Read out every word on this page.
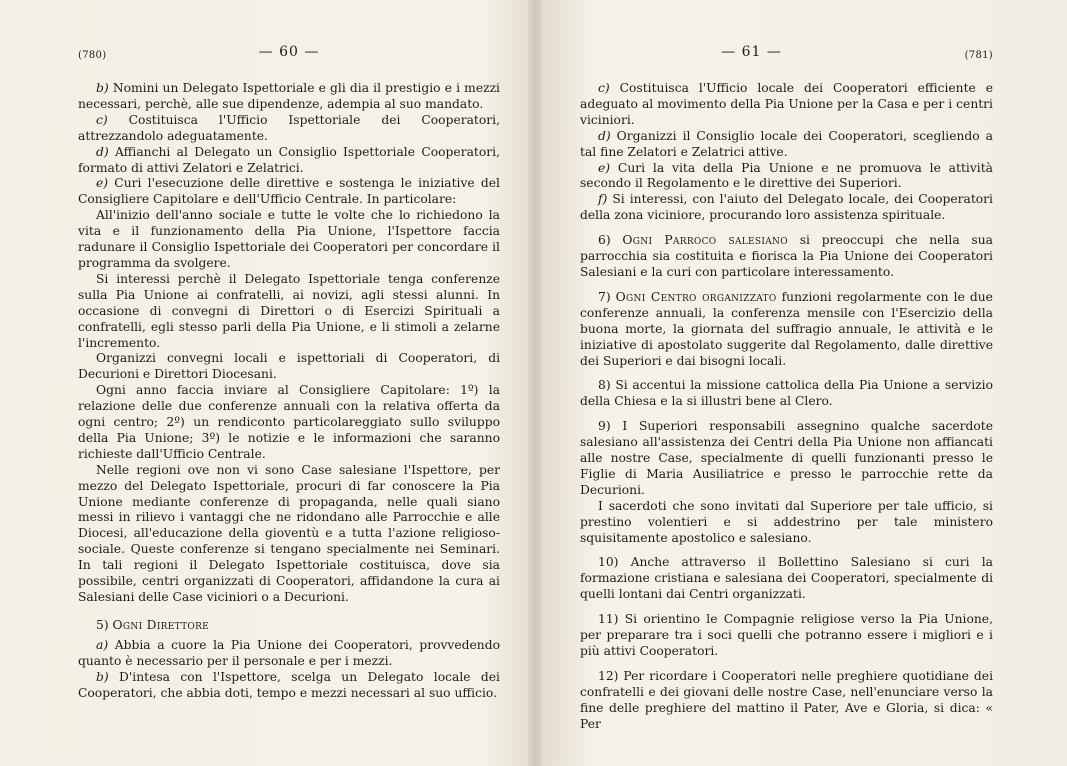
(780)	— 60 —

b) Nomini un Delegato Ispettoriale e gli dia il prestigio e i mezzi necessari, perchè, alle sue dipendenze, adempia al suo mandato.

c) Costituisca l'Ufficio Ispettoriale dei Cooperatori, attrezzandolo adeguatamente.

d) Affianchi al Delegato un Consiglio Ispettoriale Cooperatori, formato di attivi Zelatori e Zelatrici.

e) Curi l'esecuzione delle direttive e sostenga le iniziative del Consigliere Capitolare e dell'Ufficio Centrale. In particolare:

All'inizio dell'anno sociale e tutte le volte che lo richiedono la vita e il funzionamento della Pia Unione, l'Ispettore faccia radunare il Consiglio Ispettoriale dei Cooperatori per concordare il programma da svolgere.

Si interessi perchè il Delegato Ispettoriale tenga conferenze sulla Pia Unione ai confratelli, ai novizi, agli stessi alunni. In occasione di convegni di Direttori o di Esercizi Spirituali a confratelli, egli stesso parli della Pia Unione, e li stimoli a zelarne l'incremento.

Organizzi convegni locali e ispettoriali di Cooperatori, di Decurioni e Direttori Diocesani.

Ogni anno faccia inviare al Consigliere Capitolare: 1º) la relazione delle due conferenze annuali con la relativa offerta da ogni centro; 2º) un rendiconto particolareggiato sullo sviluppo della Pia Unione; 3º) le notizie e le informazioni che saranno richieste dall'Ufficio Centrale.

Nelle regioni ove non vi sono Case salesiane l'Ispettore, per mezzo del Delegato Ispettoriale, procuri di far conoscere la Pia Unione mediante conferenze di propaganda, nelle quali siano messi in rilievo i vantaggi che ne ridondano alle Parrocchie e alle Diocesi, all'educazione della gioventù e a tutta l'azione religioso-sociale. Queste conferenze si tengano specialmente nei Seminari. In tali regioni il Delegato Ispettoriale costituisca, dove sia possibile, centri organizzati di Cooperatori, affidandone la cura ai Salesiani delle Case viciniori o a Decurioni.

5) Ogni Direttore

a) Abbia a cuore la Pia Unione dei Cooperatori, provvedendo quanto è necessario per il personale e per i mezzi.

b) D'intesa con l'Ispettore, scelga un Delegato locale dei Cooperatori, che abbia doti, tempo e mezzi necessari al suo ufficio.

— 61 —	(781)

c) Costituisca l'Ufficio locale dei Cooperatori efficiente e adeguato al movimento della Pia Unione per la Casa e per i centri viciniori.

d) Organizzi il Consiglio locale dei Cooperatori, scegliendo a tal fine Zelatori e Zelatrici attive.

e) Curi la vita della Pia Unione e ne promuova le attività secondo il Regolamento e le direttive dei Superiori.

f) Si interessi, con l'aiuto del Delegato locale, dei Cooperatori della zona viciniore, procurando loro assistenza spirituale.

6) Ogni Parroco salesiano si preoccupi che nella sua parrocchia sia costituita e fiorisca la Pia Unione dei Cooperatori Salesiani e la curi con particolare interessamento.

7) Ogni Centro organizzato funzioni regolarmente con le due conferenze annuali, la conferenza mensile con l'Esercizio della buona morte, la giornata del suffragio annuale, le attività e le iniziative di apostolato suggerite dal Regolamento, dalle direttive dei Superiori e dai bisogni locali.

8) Si accentui la missione cattolica della Pia Unione a servizio della Chiesa e la si illustri bene al Clero.

9) I Superiori responsabili assegnino qualche sacerdote salesiano all'assistenza dei Centri della Pia Unione non affiancati alle nostre Case, specialmente di quelli funzionanti presso le Figlie di Maria Ausiliatrice e presso le parrocchie rette da Decurioni.

I sacerdoti che sono invitati dal Superiore per tale ufficio, si prestino volentieri e si addestrino per tale ministero squisitamente apostolico e salesiano.

10) Anche attraverso il Bollettino Salesiano si curi la formazione cristiana e salesiana dei Cooperatori, specialmente di quelli lontani dai Centri organizzati.

11) Si orientino le Compagnie religiose verso la Pia Unione, per preparare tra i soci quelli che potranno essere i migliori e i più attivi Cooperatori.

12) Per ricordare i Cooperatori nelle preghiere quotidiane dei confratelli e dei giovani delle nostre Case, nell'enunciare verso la fine delle preghiere del mattino il Pater, Ave e Gloria, si dica: « Per
